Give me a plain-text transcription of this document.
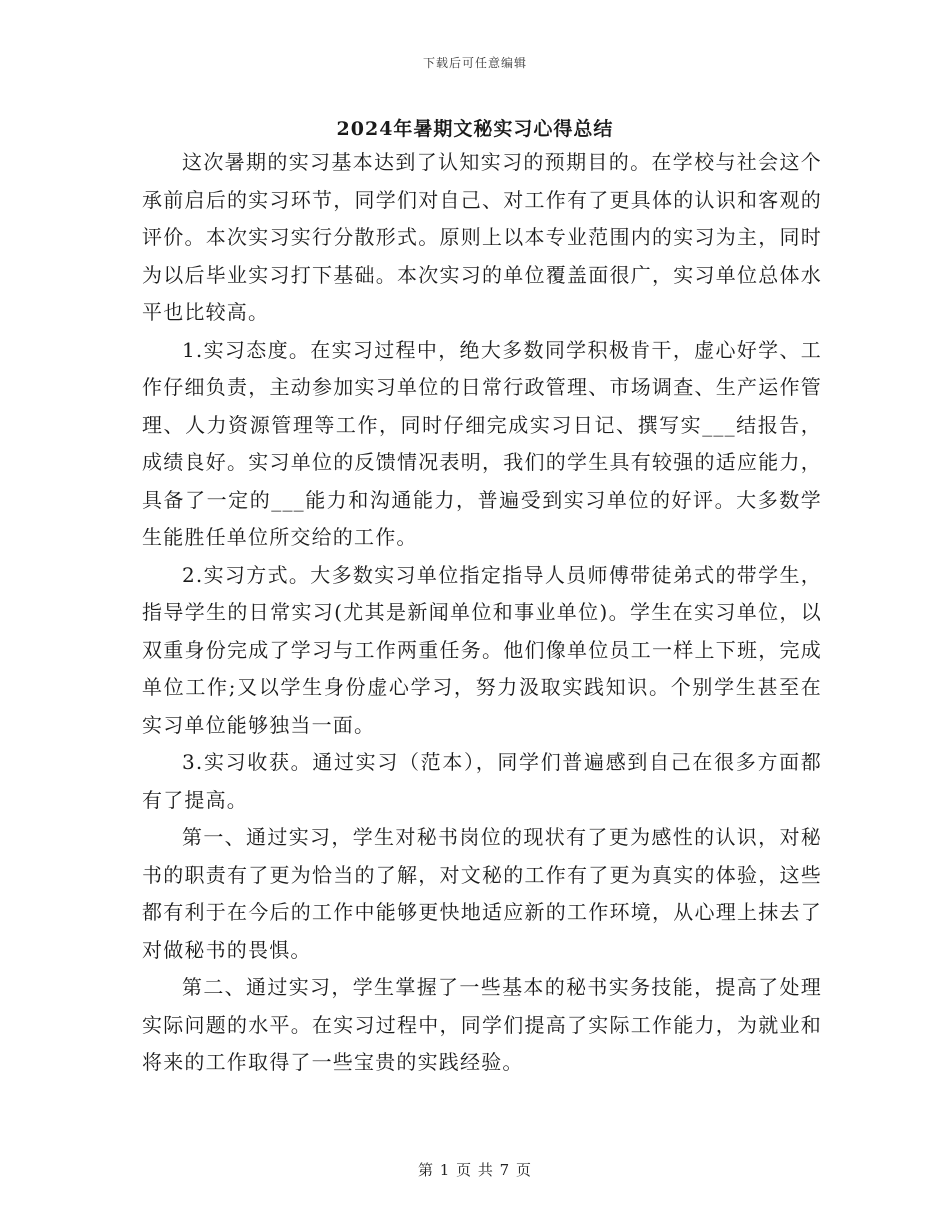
下载后可任意编辑
2024年暑期文秘实习心得总结

这次暑期的实习基本达到了认知实习的预期目的。在学校与社会这个承前启后的实习环节，同学们对自己、对工作有了更具体的认识和客观的评价。本次实习实行分散形式。原则上以本专业范围内的实习为主，同时为以后毕业实习打下基础。本次实习的单位覆盖面很广，实习单位总体水平也比较高。

1.实习态度。在实习过程中，绝大多数同学积极肯干，虚心好学、工作仔细负责，主动参加实习单位的日常行政管理、市场调查、生产运作管理、人力资源管理等工作，同时仔细完成实习日记、撰写实___结报告，成绩良好。实习单位的反馈情况表明，我们的学生具有较强的适应能力，具备了一定的___能力和沟通能力，普遍受到实习单位的好评。大多数学生能胜任单位所交给的工作。

2.实习方式。大多数实习单位指定指导人员师傅带徒弟式的带学生，指导学生的日常实习(尤其是新闻单位和事业单位)。学生在实习单位，以双重身份完成了学习与工作两重任务。他们像单位员工一样上下班，完成单位工作;又以学生身份虚心学习，努力汲取实践知识。个别学生甚至在实习单位能够独当一面。

3.实习收获。通过实习（范本），同学们普遍感到自己在很多方面都有了提高。

第一、通过实习，学生对秘书岗位的现状有了更为感性的认识，对秘书的职责有了更为恰当的了解，对文秘的工作有了更为真实的体验，这些都有利于在今后的工作中能够更快地适应新的工作环境，从心理上抹去了对做秘书的畏惧。

第二、通过实习，学生掌握了一些基本的秘书实务技能，提高了处理实际问题的水平。在实习过程中，同学们提高了实际工作能力，为就业和将来的工作取得了一些宝贵的实践经验。

第 1 页 共 7 页
